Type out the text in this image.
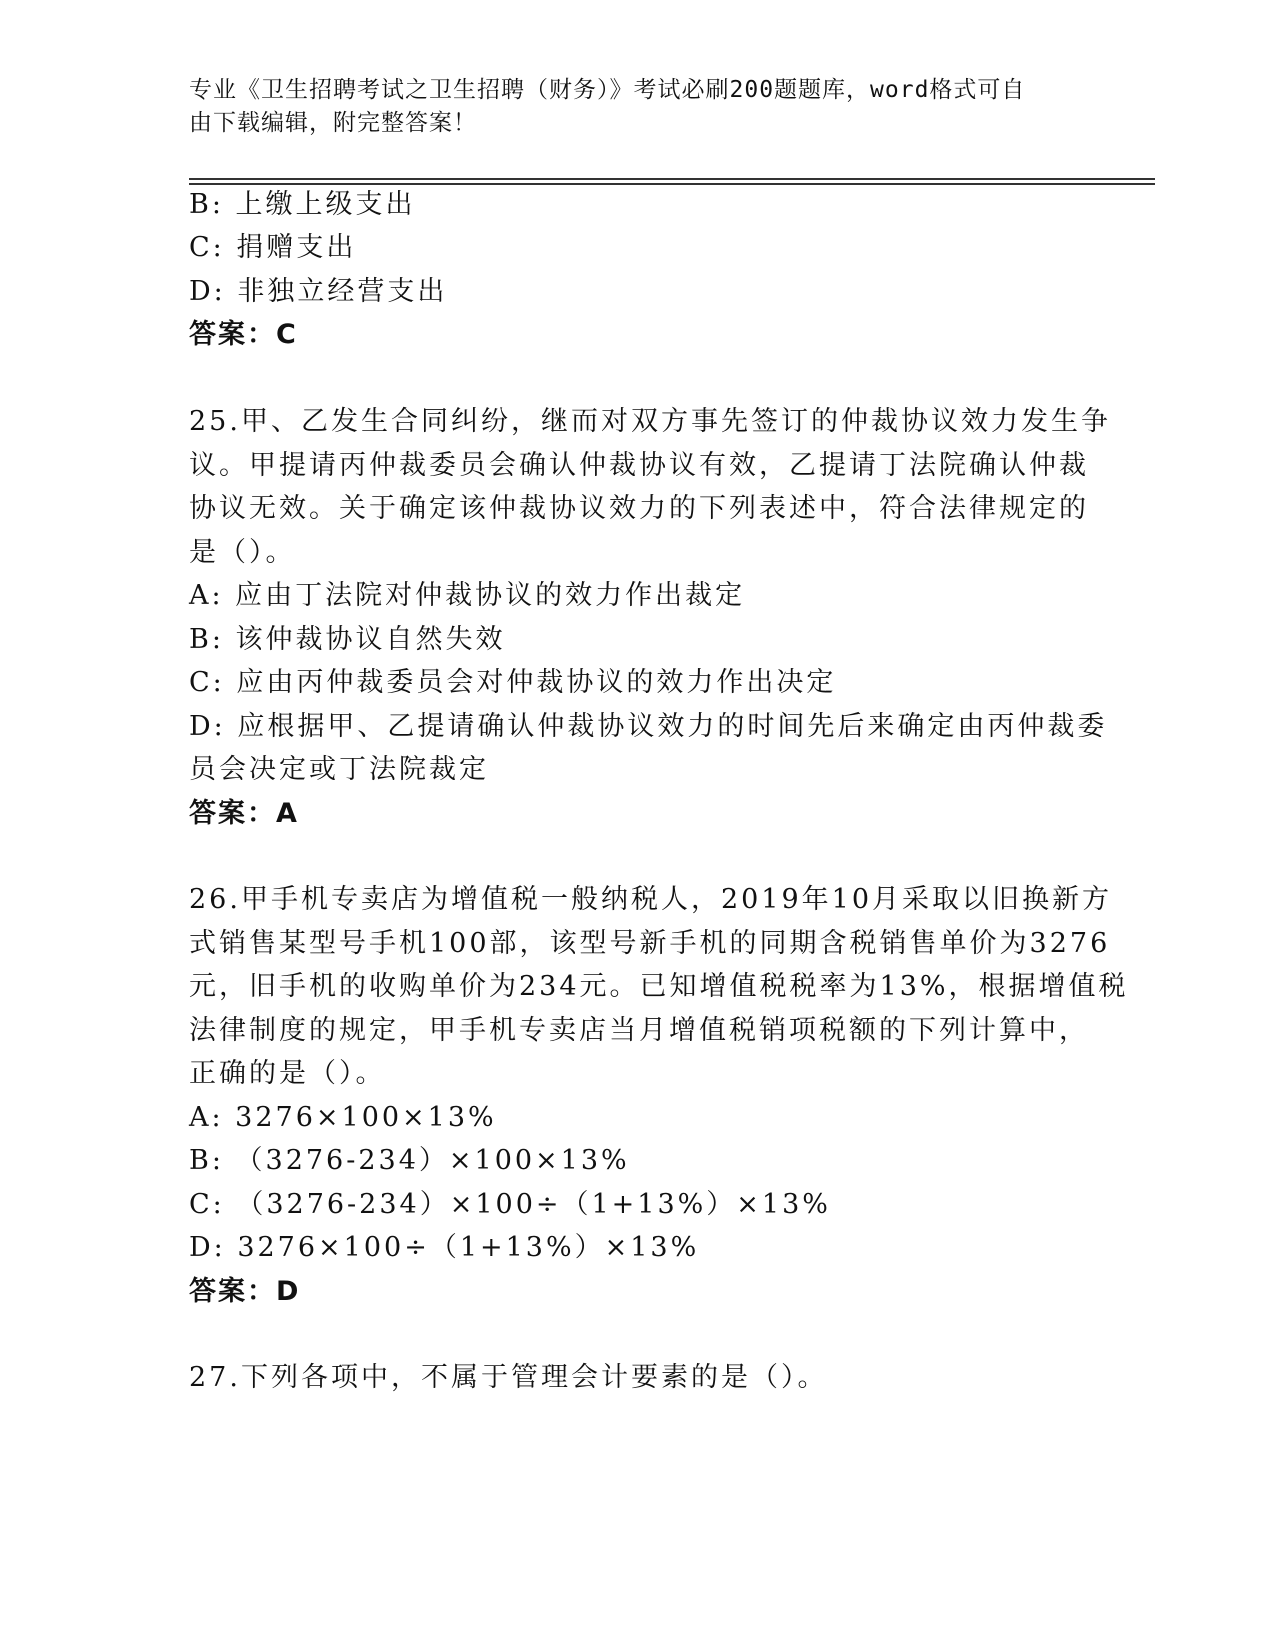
专业《卫生招聘考试之卫生招聘（财务）》考试必刷200题题库，word格式可自
由下载编辑，附完整答案！
B: 上缴上级支出
C: 捐赠支出
D: 非独立经营支出
答案：C
25.甲、乙发生合同纠纷，继而对双方事先签订的仲裁协议效力发生争
议。甲提请丙仲裁委员会确认仲裁协议有效，乙提请丁法院确认仲裁
协议无效。关于确定该仲裁协议效力的下列表述中，符合法律规定的
是（）。
A: 应由丁法院对仲裁协议的效力作出裁定
B: 该仲裁协议自然失效
C: 应由丙仲裁委员会对仲裁协议的效力作出决定
D: 应根据甲、乙提请确认仲裁协议效力的时间先后来确定由丙仲裁委
员会决定或丁法院裁定
答案：A
26.甲手机专卖店为增值税一般纳税人，2019年10月采取以旧换新方
式销售某型号手机100部，该型号新手机的同期含税销售单价为3276
元，旧手机的收购单价为234元。已知增值税税率为13%，根据增值税
法律制度的规定，甲手机专卖店当月增值税销项税额的下列计算中，
正确的是（）。
A: 3276×100×13%
B: （3276-234）×100×13%
C: （3276-234）×100÷（1+13%）×13%
D: 3276×100÷（1+13%）×13%
答案：D
27.下列各项中，不属于管理会计要素的是（）。
